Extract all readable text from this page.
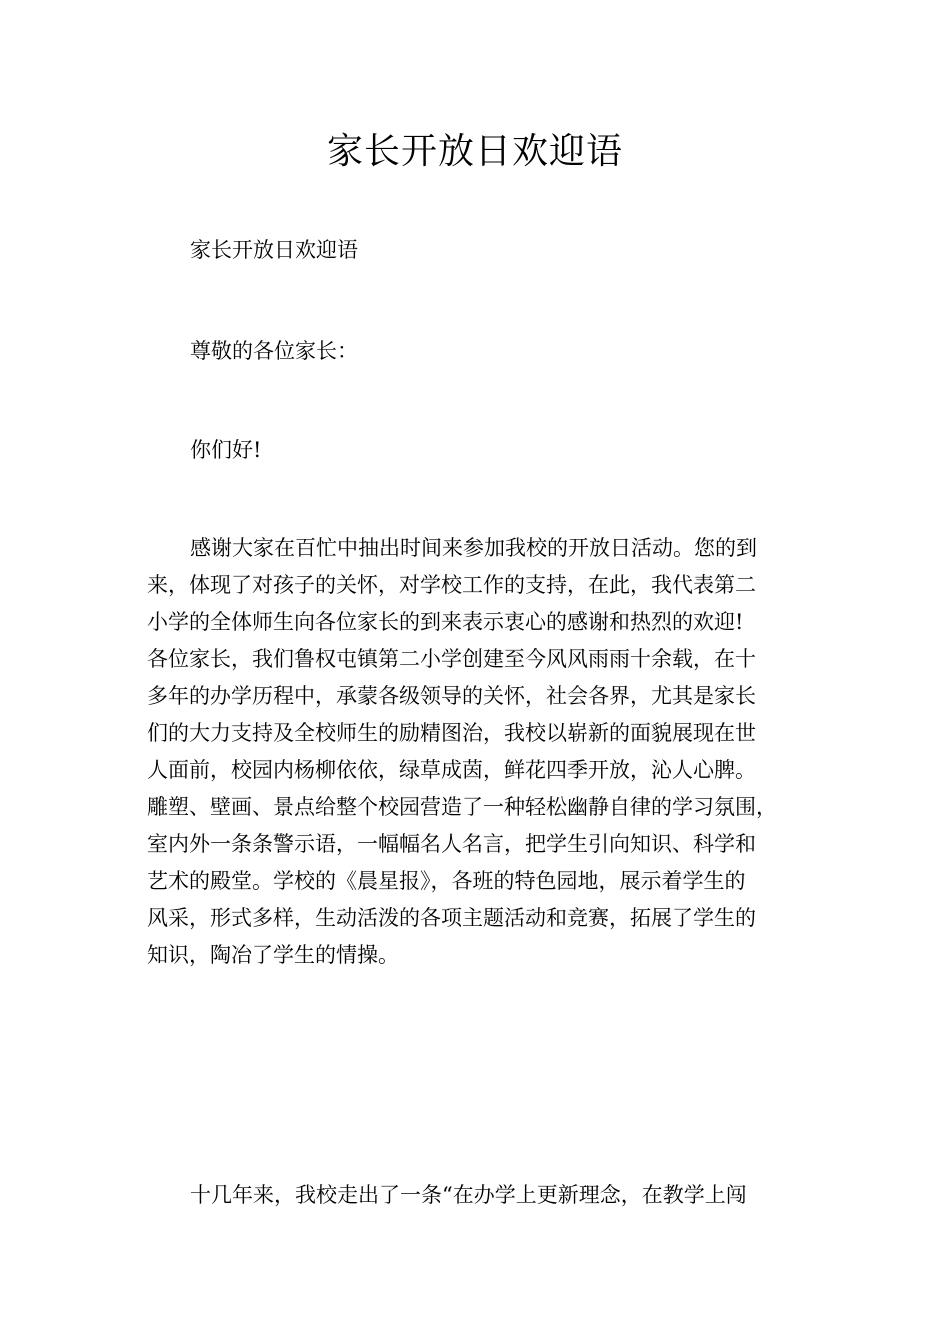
家长开放日欢迎语

家长开放日欢迎语

尊敬的各位家长：

你们好!

感谢大家在百忙中抽出时间来参加我校的开放日活动。您的到
来，体现了对孩子的关怀，对学校工作的支持，在此，我代表第二
小学的全体师生向各位家长的到来表示衷心的感谢和热烈的欢迎!
各位家长，我们鲁权屯镇第二小学创建至今风风雨雨十余载，在十
多年的办学历程中，承蒙各级领导的关怀，社会各界，尤其是家长
们的大力支持及全校师生的励精图治，我校以崭新的面貌展现在世
人面前，校园内杨柳依依，绿草成茵，鲜花四季开放，沁人心脾。
雕塑、壁画、景点给整个校园营造了一种轻松幽静自律的学习氛围，
室内外一条条警示语，一幅幅名人名言，把学生引向知识、科学和
艺术的殿堂。学校的《晨星报》，各班的特色园地，展示着学生的
风采，形式多样，生动活泼的各项主题活动和竞赛，拓展了学生的
知识，陶冶了学生的情操。
十几年来，我校走出了一条“在办学上更新理念，在教学上闯
